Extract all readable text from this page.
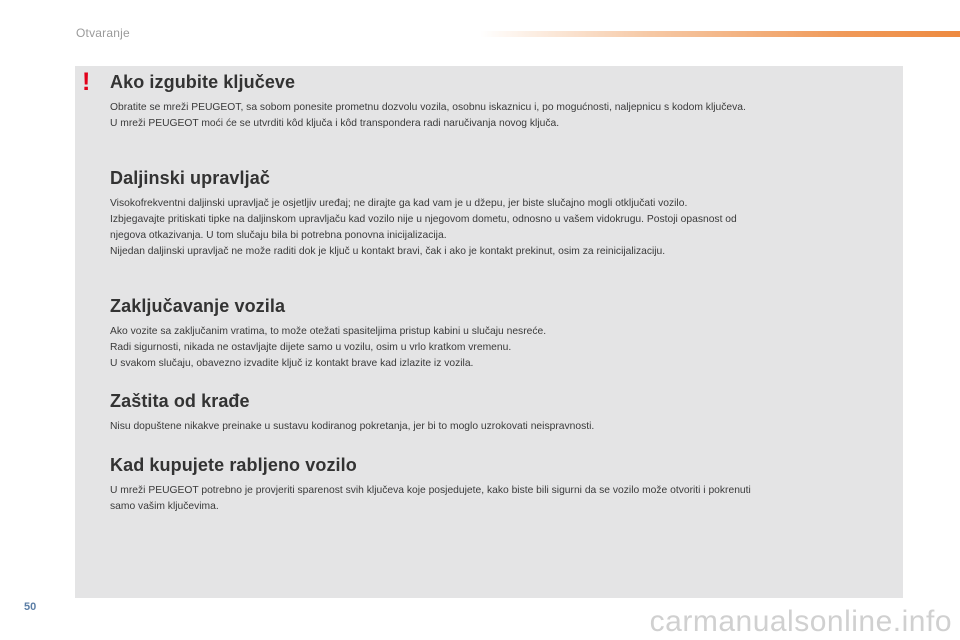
Otvaranje
! Ako izgubite ključeve

Obratite se mreži PEUGEOT, sa sobom ponesite prometnu dozvolu vozila, osobnu iskaznicu i, po mogućnosti, naljepnicu s kodom ključeva.
U mreži PEUGEOT moći će se utvrditi kôd ključa i kôd transpondera radi naručivanja novog ključa.

Daljinski upravljač

Visokofrekventni daljinski upravljač je osjetljiv uređaj; ne dirajte ga kad vam je u džepu, jer biste slučajno mogli otključati vozilo.
Izbjegavajte pritiskati tipke na daljinskom upravljaču kad vozilo nije u njegovom dometu, odnosno u vašem vidokrugu. Postoji opasnost od
njegova otkazivanja. U tom slučaju bila bi potrebna ponovna inicijalizacija.
Nijedan daljinski upravljač ne može raditi dok je ključ u kontakt bravi, čak i ako je kontakt prekinut, osim za reinicijalizaciju.

Zaključavanje vozila

Ako vozite sa zaključanim vratima, to može otežati spasiteljima pristup kabini u slučaju nesreće.
Radi sigurnosti, nikada ne ostavljajte dijete samo u vozilu, osim u vrlo kratkom vremenu.
U svakom slučaju, obavezno izvadite ključ iz kontakt brave kad izlazite iz vozila.

Zaštita od krađe

Nisu dopuštene nikakve preinake u sustavu kodiranog pokretanja, jer bi to moglo uzrokovati neispravnosti.

Kad kupujete rabljeno vozilo

U mreži PEUGEOT potrebno je provjeriti sparenost svih ključeva koje posjedujete, kako biste bili sigurni da se vozilo može otvoriti i pokrenuti
samo vašim ključevima.

50	carmanualsonline.info
